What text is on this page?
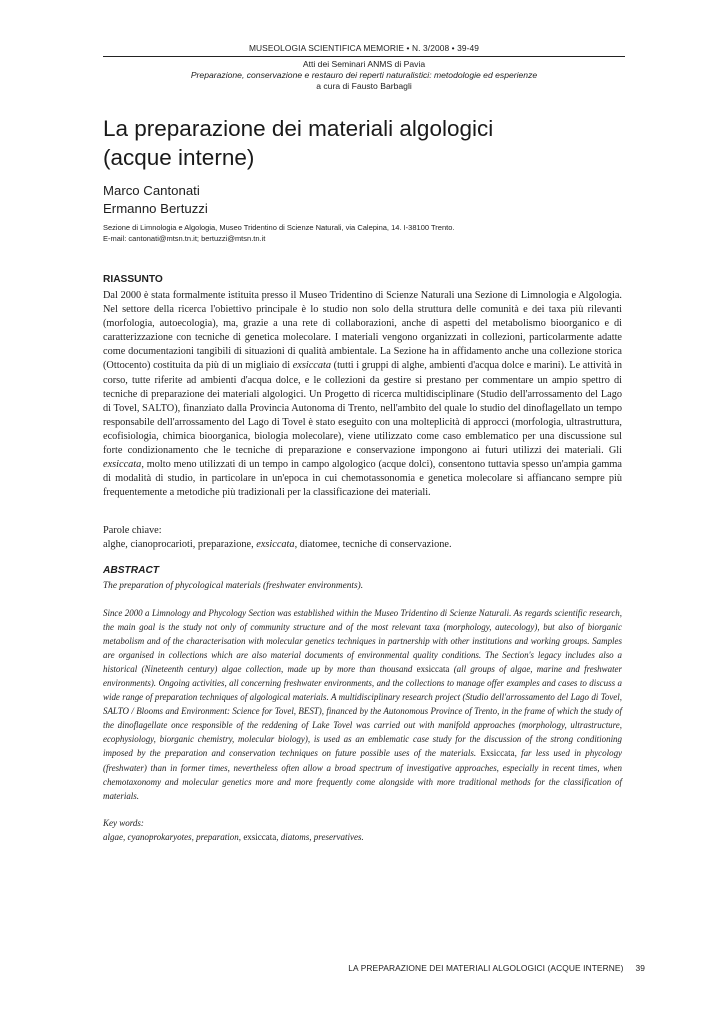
MUSEOLOGIA SCIENTIFICA MEMORIE • N. 3/2008 • 39-49
Atti dei Seminari ANMS di Pavia
Preparazione, conservazione e restauro dei reperti naturalistici: metodologie ed esperienze
a cura di Fausto Barbagli
La preparazione dei materiali algologici
(acque interne)
Marco Cantonati
Ermanno Bertuzzi
Sezione di Limnologia e Algologia, Museo Tridentino di Scienze Naturali, via Calepina, 14. I-38100 Trento.
E-mail: cantonati@mtsn.tn.it; bertuzzi@mtsn.tn.it
RIASSUNTO

Dal 2000 è stata formalmente istituita presso il Museo Tridentino di Scienze Naturali una Sezione di Limnologia e Algologia. Nel settore della ricerca l'obiettivo principale è lo studio non solo della struttura delle comunità e dei taxa più rilevanti (morfologia, autoecologia), ma, grazie a una rete di collaborazioni, anche di aspetti del metabolismo bioorganico e di caratterizzazione con tecniche di genetica molecolare. I materiali vengono organizzati in collezioni, particolarmente adatte come documentazioni tangibili di situazioni di qualità ambientale. La Sezione ha in affidamento anche una collezione storica (Ottocento) costituita da più di un migliaio di exsiccata (tutti i gruppi di alghe, ambienti d'acqua dolce e marini). Le attività in corso, tutte riferite ad ambienti d'acqua dolce, e le collezioni da gestire si prestano per commentare un ampio spettro di tecniche di preparazione dei materiali algologici. Un Progetto di ricerca multidisciplinare (Studio dell'arrossamento del Lago di Tovel, SALTO), finanziato dalla Provincia Autonoma di Trento, nell'ambito del quale lo studio del dinoflagellato un tempo responsabile dell'arrossamento del Lago di Tovel è stato eseguito con una molteplicità di approcci (morfologia, ultrastruttura, ecofisiologia, chimica bioorganica, biologia molecolare), viene utilizzato come caso emblematico per una discussione sul forte condizionamento che le tecniche di preparazione e conservazione impongono ai futuri utilizzi dei materiali. Gli exsiccata, molto meno utilizzati di un tempo in campo algologico (acque dolci), consentono tuttavia spesso un'ampia gamma di modalità di studio, in particolare in un'epoca in cui chemotassonomia e genetica molecolare si affiancano sempre più frequentemente a metodiche più tradizionali per la classificazione dei materiali.

Parole chiave:
alghe, cianoprocarioti, preparazione, exsiccata, diatomee, tecniche di conservazione.
ABSTRACT
The preparation of phycological materials (freshwater environments).

Since 2000 a Limnology and Phycology Section was established within the Museo Tridentino di Scienze Naturali. As regards scientific research, the main goal is the study not only of community structure and of the most relevant taxa (morphology, autecology), but also of biorganic metabolism and of the characterisation with molecular genetics techniques in partnership with other institutions and working groups. Samples are organised in collections which are also material documents of environmental quality conditions. The Section's legacy includes also a historical (Nineteenth century) algae collection, made up by more than thousand exsiccata (all groups of algae, marine and freshwater environments). Ongoing activities, all concerning freshwater environments, and the collections to manage offer examples and cases to discuss a wide range of preparation techniques of algological materials. A multidisciplinary research project (Studio dell'arrossamento del Lago di Tovel, SALTO / Blooms and Environment: Science for Tovel, BEST), financed by the Autonomous Province of Trento, in the frame of which the study of the dinoflagellate once responsible of the reddening of Lake Tovel was carried out with manifold approaches (morphology, ultrastructure, ecophysiology, biorganic chemistry, molecular biology), is used as an emblematic case study for the discussion of the strong conditioning imposed by the preparation and conservation techniques on future possible uses of the materials. Exsiccata, far less used in phycology (freshwater) than in former times, nevertheless often allow a broad spectrum of investigative approaches, especially in recent times, when chemotaxonomy and molecular genetics more and more frequently come alongside with more traditional methods for the classification of materials.

Key words:
algae, cyanoprokaryotes, preparation, exsiccata, diatoms, preservatives.
LA PREPARAZIONE DEI MATERIALI ALGOLOGICI (ACQUE INTERNE) 39
